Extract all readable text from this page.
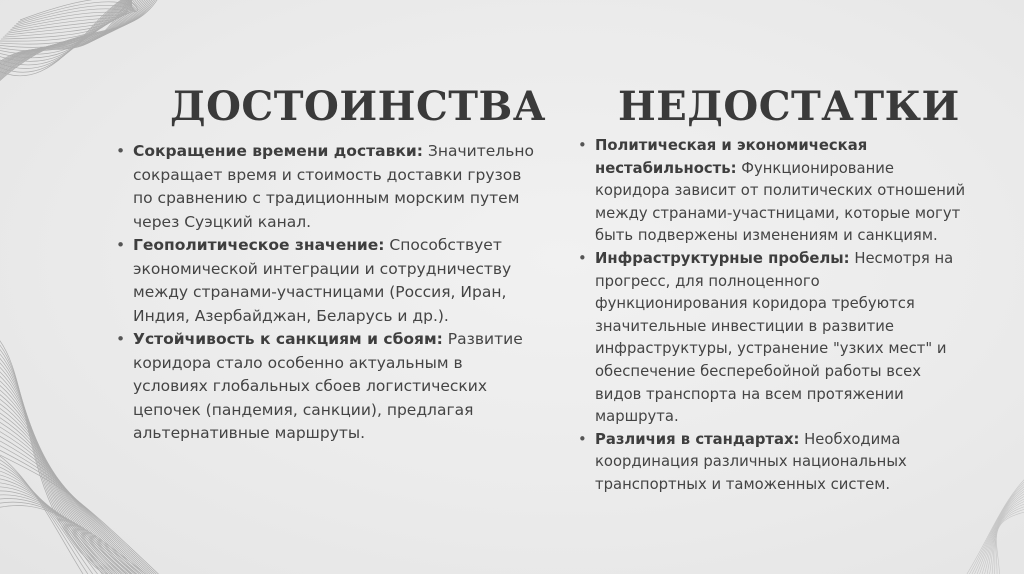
ДОСТОИНСТВА
• Сокращение времени доставки: Значительно сокращает время и стоимость доставки грузов по сравнению с традиционным морским путем через Суэцкий канал.
• Геополитическое значение: Способствует экономической интеграции и сотрудничеству между странами-участницами (Россия, Иран, Индия, Азербайджан, Беларусь и др.).
• Устойчивость к санкциям и сбоям: Развитие коридора стало особенно актуальным в условиях глобальных сбоев логистических цепочек (пандемия, санкции), предлагая альтернативные маршруты.
НЕДОСТАТКИ
• Политическая и экономическая нестабильность: Функционирование коридора зависит от политических отношений между странами-участницами, которые могут быть подвержены изменениям и санкциям.
• Инфраструктурные пробелы: Несмотря на прогресс, для полноценного функционирования коридора требуются значительные инвестиции в развитие инфраструктуры, устранение "узких мест" и обеспечение бесперебойной работы всех видов транспорта на всем протяжении маршрута.
• Различия в стандартах: Необходима координация различных национальных транспортных и таможенных систем.
